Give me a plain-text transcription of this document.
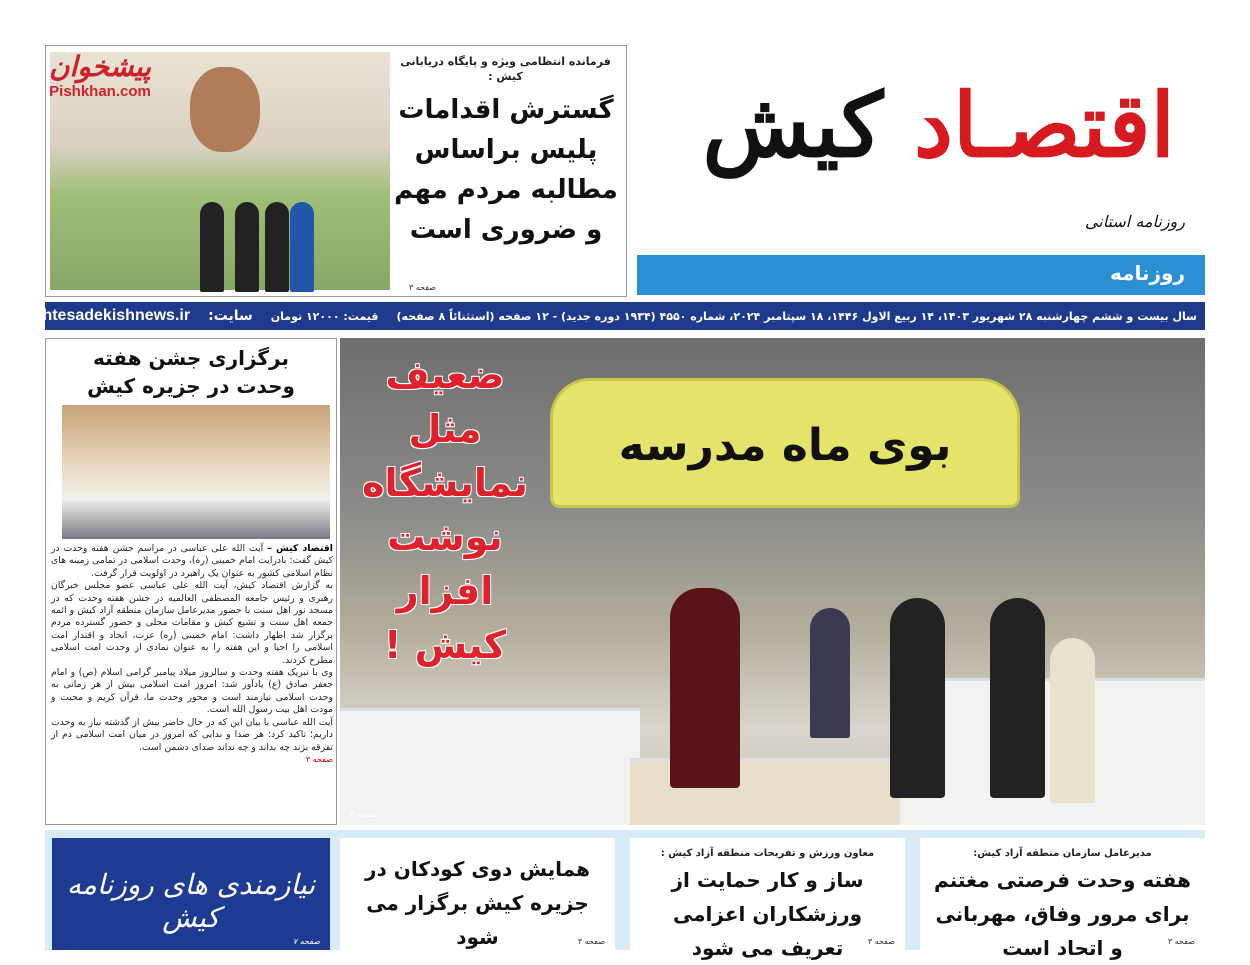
اقتصـاد کیش
روزنامه استانی
روزنامه
فرمانده انتظامی ویژه و پایگاه دریابانی کیش :
گسترش اقدامات پلیس براساس مطالبه مردم مهم و ضروری است
صفحه ۳
پیشخوان
Pishkhan.com
سال بیست و ششم چهارشنبه ۲۸ شهریور ۱۴۰۳، ۱۴ ربیع الاول ۱۴۴۶، ۱۸ سپتامبر ۲۰۲۴، شماره ۴۵۵۰ (۱۹۳۴ دوره جدید) - ۱۲ صفحه (استثنائاً ۸ صفحه)
قیمت: ۱۲۰۰۰ تومان
سایت:
eghtesadekishnews.ir
برگزاری جشن هفته وحدت در جزیره کیش

اقتصاد کیش – آیت الله علی عباسی در مراسم جشن هفته وحدت در کیش گفت: بادرایت امام خمینی (ره)، وحدت اسلامی در تمامی زمینه های نظام اسلامی کشور به عنوان یک راهبرد در اولویت قرار گرفت.

به گزارش اقتصاد کیش، آیت الله علی عباسی عضو مجلس خبرگان رهبری و رئیس جامعه المصطفی العالمیه در جشن هفته وحدت که در مسجد نور اهل سنت با حضور مدیرعامل سازمان منطقه آزاد کیش و ائمه جمعه اهل سنت و تشیع کیش و مقامات محلی و حضور گسترده مردم برگزار شد اظهار داشت: امام خمینی (ره) عزت، اتحاد و اقتدار امت اسلامی را احیا و این هفته را به عنوان نمادی از وحدت امت اسلامی مطرح کردند.

وی با تبریک هفته وحدت و سالروز میلاد پیامبر گرامی اسلام (ص) و امام جعفر صادق (ع) یادآور شد: امروز امت اسلامی بیش از هر زمانی به وحدت اسلامی نیازمند است و محور وحدت ما، قرآن کریم و محبت و مودت اهل بیت رسول الله است.

آیت الله عباسی با بیان این که در حال حاضر بیش از گذشته نیاز به وحدت داریم؛ تاکید کرد: هر صدا و ندایی که امروز در میان امت اسلامی دم از تفرقه بزند چه بداند و چه نداند صدای دشمن است.

صفحه ۳

بوی ماه مدرسه
ضعیف مثل نمایشگاه نوشت افزار کیش !
صفحه ۳
نیازمندی های روزنامه کیش
صفحه ۷
همایش دوی کودکان در جزیره کیش برگزار می شود	صفحه ۳
معاون ورزش و تفریحات منطقه آزاد کیش :
ساز و کار حمایت از ورزشکاران اعزامی تعریف می شود	صفحه ۳
مدیرعامل سازمان منطقه آزاد کیش:
هفته وحدت فرصتی مغتنم برای مرور وفاق، مهربانی و اتحاد است	صفحه ۳
